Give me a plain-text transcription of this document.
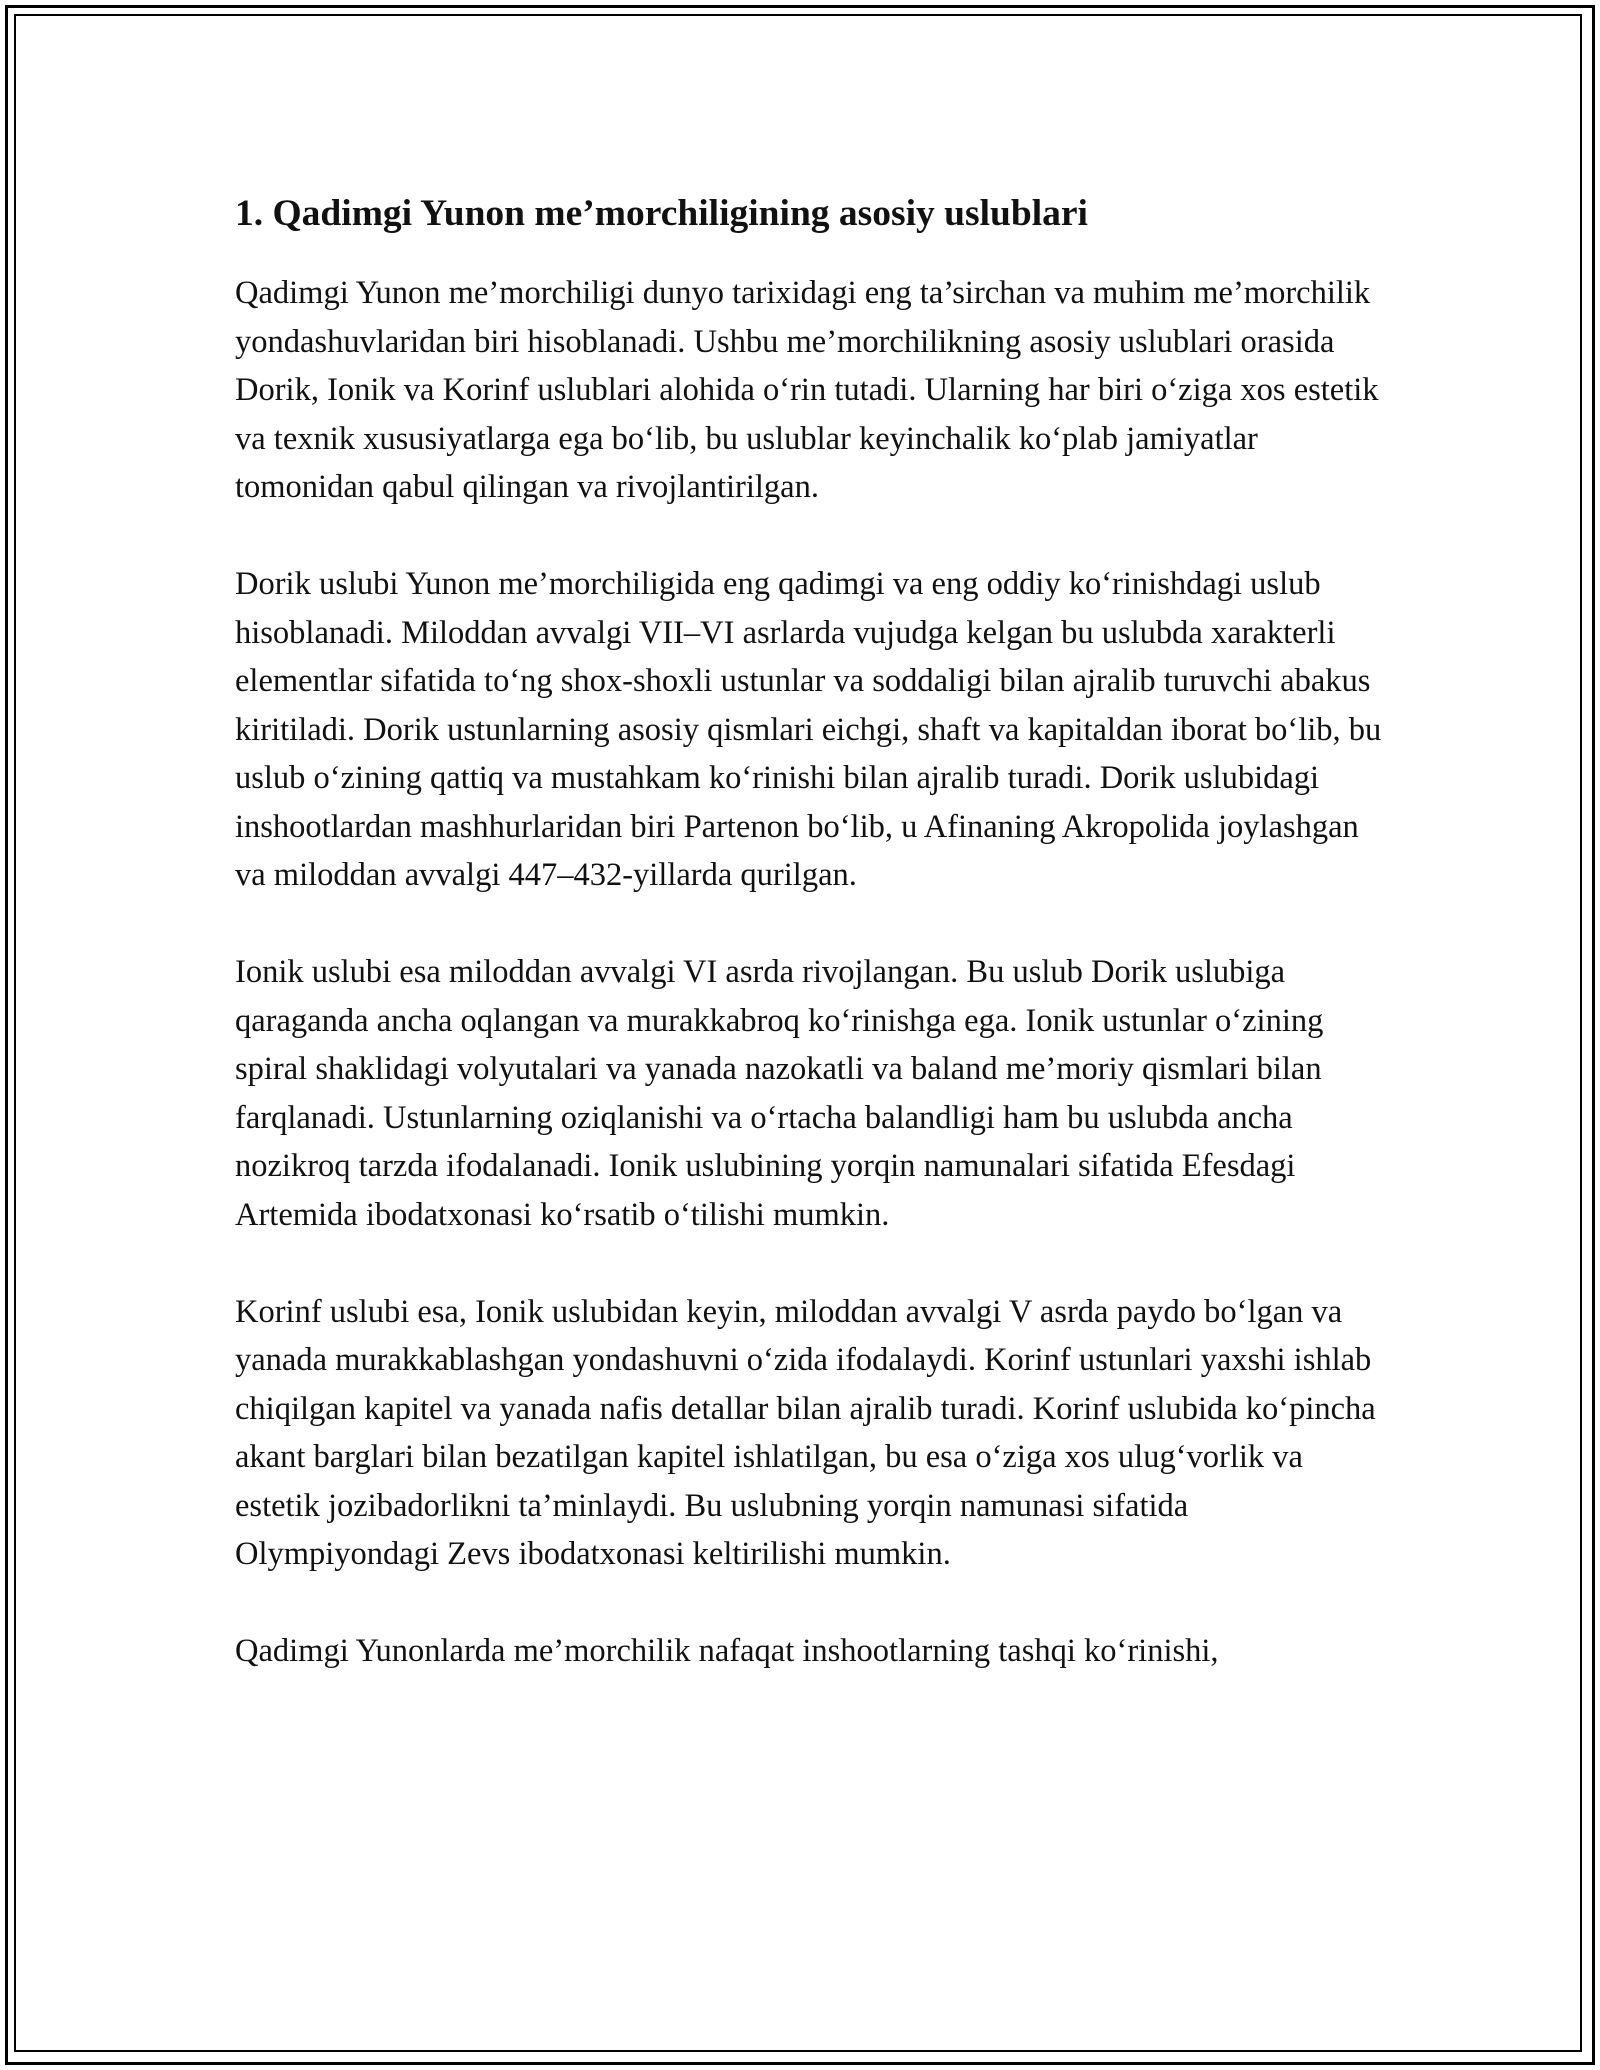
1. Qadimgi Yunon me’morchiligining asosiy uslublari

Qadimgi Yunon me’morchiligi dunyo tarixidagi eng ta’sirchan va muhim me’morchilik yondashuvlaridan biri hisoblanadi. Ushbu me’morchilikning asosiy uslublari orasida Dorik, Ionik va Korinf uslublari alohida o‘rin tutadi. Ularning har biri o‘ziga xos estetik va texnik xususiyatlarga ega bo‘lib, bu uslublar keyinchalik ko‘plab jamiyatlar tomonidan qabul qilingan va rivojlantirilgan.

Dorik uslubi Yunon me’morchiligida eng qadimgi va eng oddiy ko‘rinishdagi uslub hisoblanadi. Miloddan avvalgi VII–VI asrlarda vujudga kelgan bu uslubda xarakterli elementlar sifatida to‘ng shox-shoxli ustunlar va soddaligi bilan ajralib turuvchi abakus kiritiladi. Dorik ustunlarning asosiy qismlari eichgi, shaft va kapitaldan iborat bo‘lib, bu uslub o‘zining qattiq va mustahkam ko‘rinishi bilan ajralib turadi. Dorik uslubidagi inshootlardan mashhurlaridan biri Partenon bo‘lib, u Afinaning Akropolida joylashgan va miloddan avvalgi 447–432-yillarda qurilgan.

Ionik uslubi esa miloddan avvalgi VI asrda rivojlangan. Bu uslub Dorik uslubiga qaraganda ancha oqlangan va murakkabroq ko‘rinishga ega. Ionik ustunlar o‘zining spiral shaklidagi volyutalari va yanada nazokatli va baland me’moriy qismlari bilan farqlanadi. Ustunlarning oziqlanishi va o‘rtacha balandligi ham bu uslubda ancha nozikroq tarzda ifodalanadi. Ionik uslubining yorqin namunalari sifatida Efesdagi Artemida ibodatxonasi ko‘rsatib o‘tilishi mumkin.

Korinf uslubi esa, Ionik uslubidan keyin, miloddan avvalgi V asrda paydo bo‘lgan va yanada murakkablashgan yondashuvni o‘zida ifodalaydi. Korinf ustunlari yaxshi ishlab chiqilgan kapitel va yanada nafis detallar bilan ajralib turadi. Korinf uslubida ko‘pincha akant barglari bilan bezatilgan kapitel ishlatilgan, bu esa o‘ziga xos ulug‘vorlik va estetik jozibadorlikni ta’minlaydi. Bu uslubning yorqin namunasi sifatida Olympiyondagi Zevs ibodatxonasi keltirilishi mumkin.

Qadimgi Yunonlarda me’morchilik nafaqat inshootlarning tashqi ko‘rinishi,
